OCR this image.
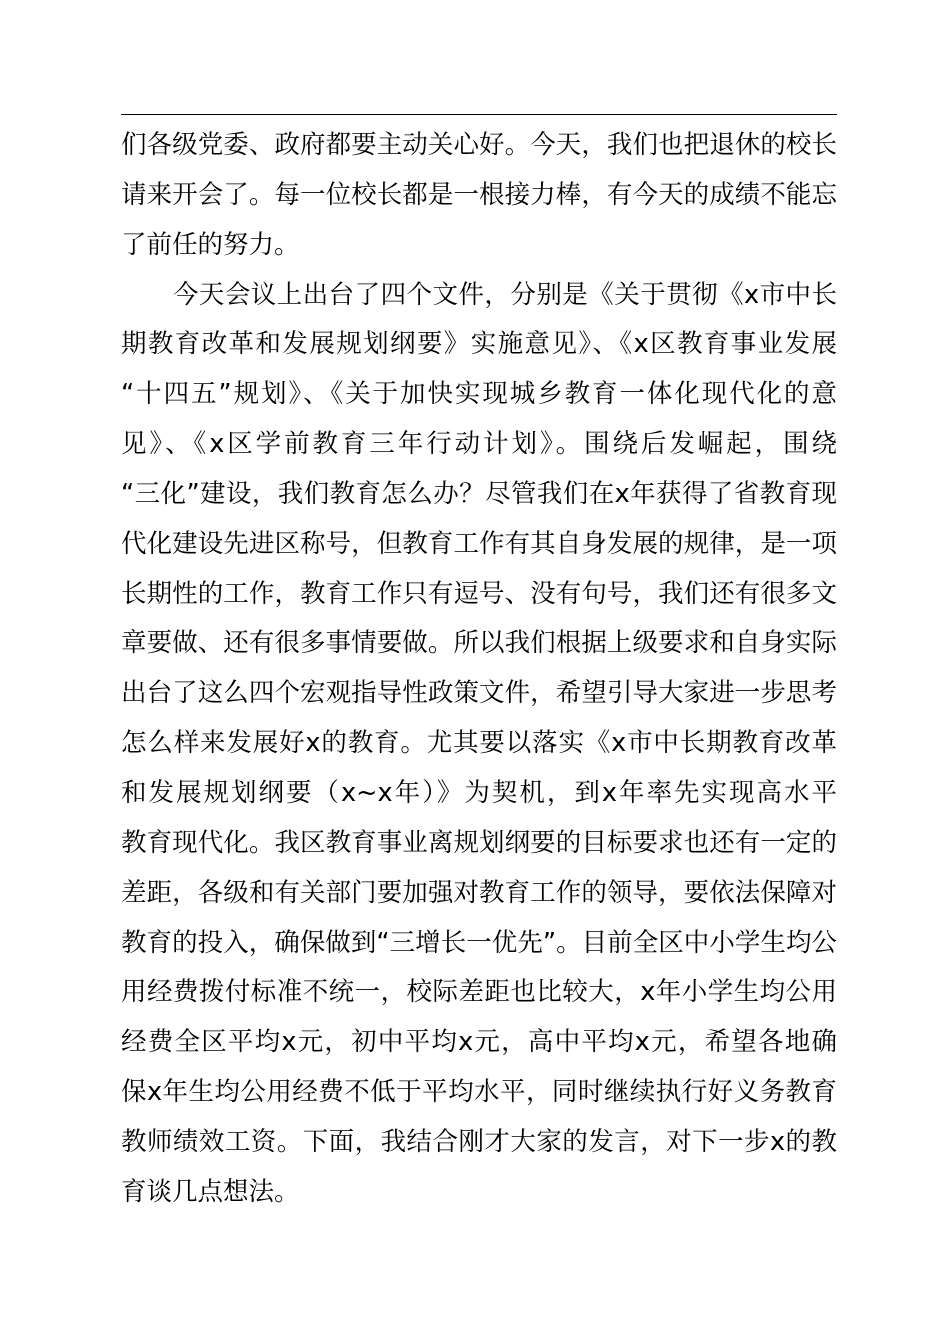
们各级党委、政府都要主动关心好。今天，我们也把退休的校长
请来开会了。每一位校长都是一根接力棒，有今天的成绩不能忘
了前任的努力。
　　今天会议上出台了四个文件，分别是《关于贯彻《x市中长
期教育改革和发展规划纲要》实施意见》、《x区教育事业发展
“十四五”规划》、《关于加快实现城乡教育一体化现代化的意
见》、《x区学前教育三年行动计划》。围绕后发崛起，围绕
“三化”建设，我们教育怎么办？尽管我们在x年获得了省教育现
代化建设先进区称号，但教育工作有其自身发展的规律，是一项
长期性的工作，教育工作只有逗号、没有句号，我们还有很多文
章要做、还有很多事情要做。所以我们根据上级要求和自身实际
出台了这么四个宏观指导性政策文件，希望引导大家进一步思考
怎么样来发展好x的教育。尤其要以落实《x市中长期教育改革
和发展规划纲要（x~x年）》为契机，到x年率先实现高水平
教育现代化。我区教育事业离规划纲要的目标要求也还有一定的
差距，各级和有关部门要加强对教育工作的领导，要依法保障对
教育的投入，确保做到“三增长一优先”。目前全区中小学生均公
用经费拨付标准不统一，校际差距也比较大，x年小学生均公用
经费全区平均x元，初中平均x元，高中平均x元，希望各地确
保x年生均公用经费不低于平均水平，同时继续执行好义务教育
教师绩效工资。下面，我结合刚才大家的发言，对下一步x的教
育谈几点想法。
